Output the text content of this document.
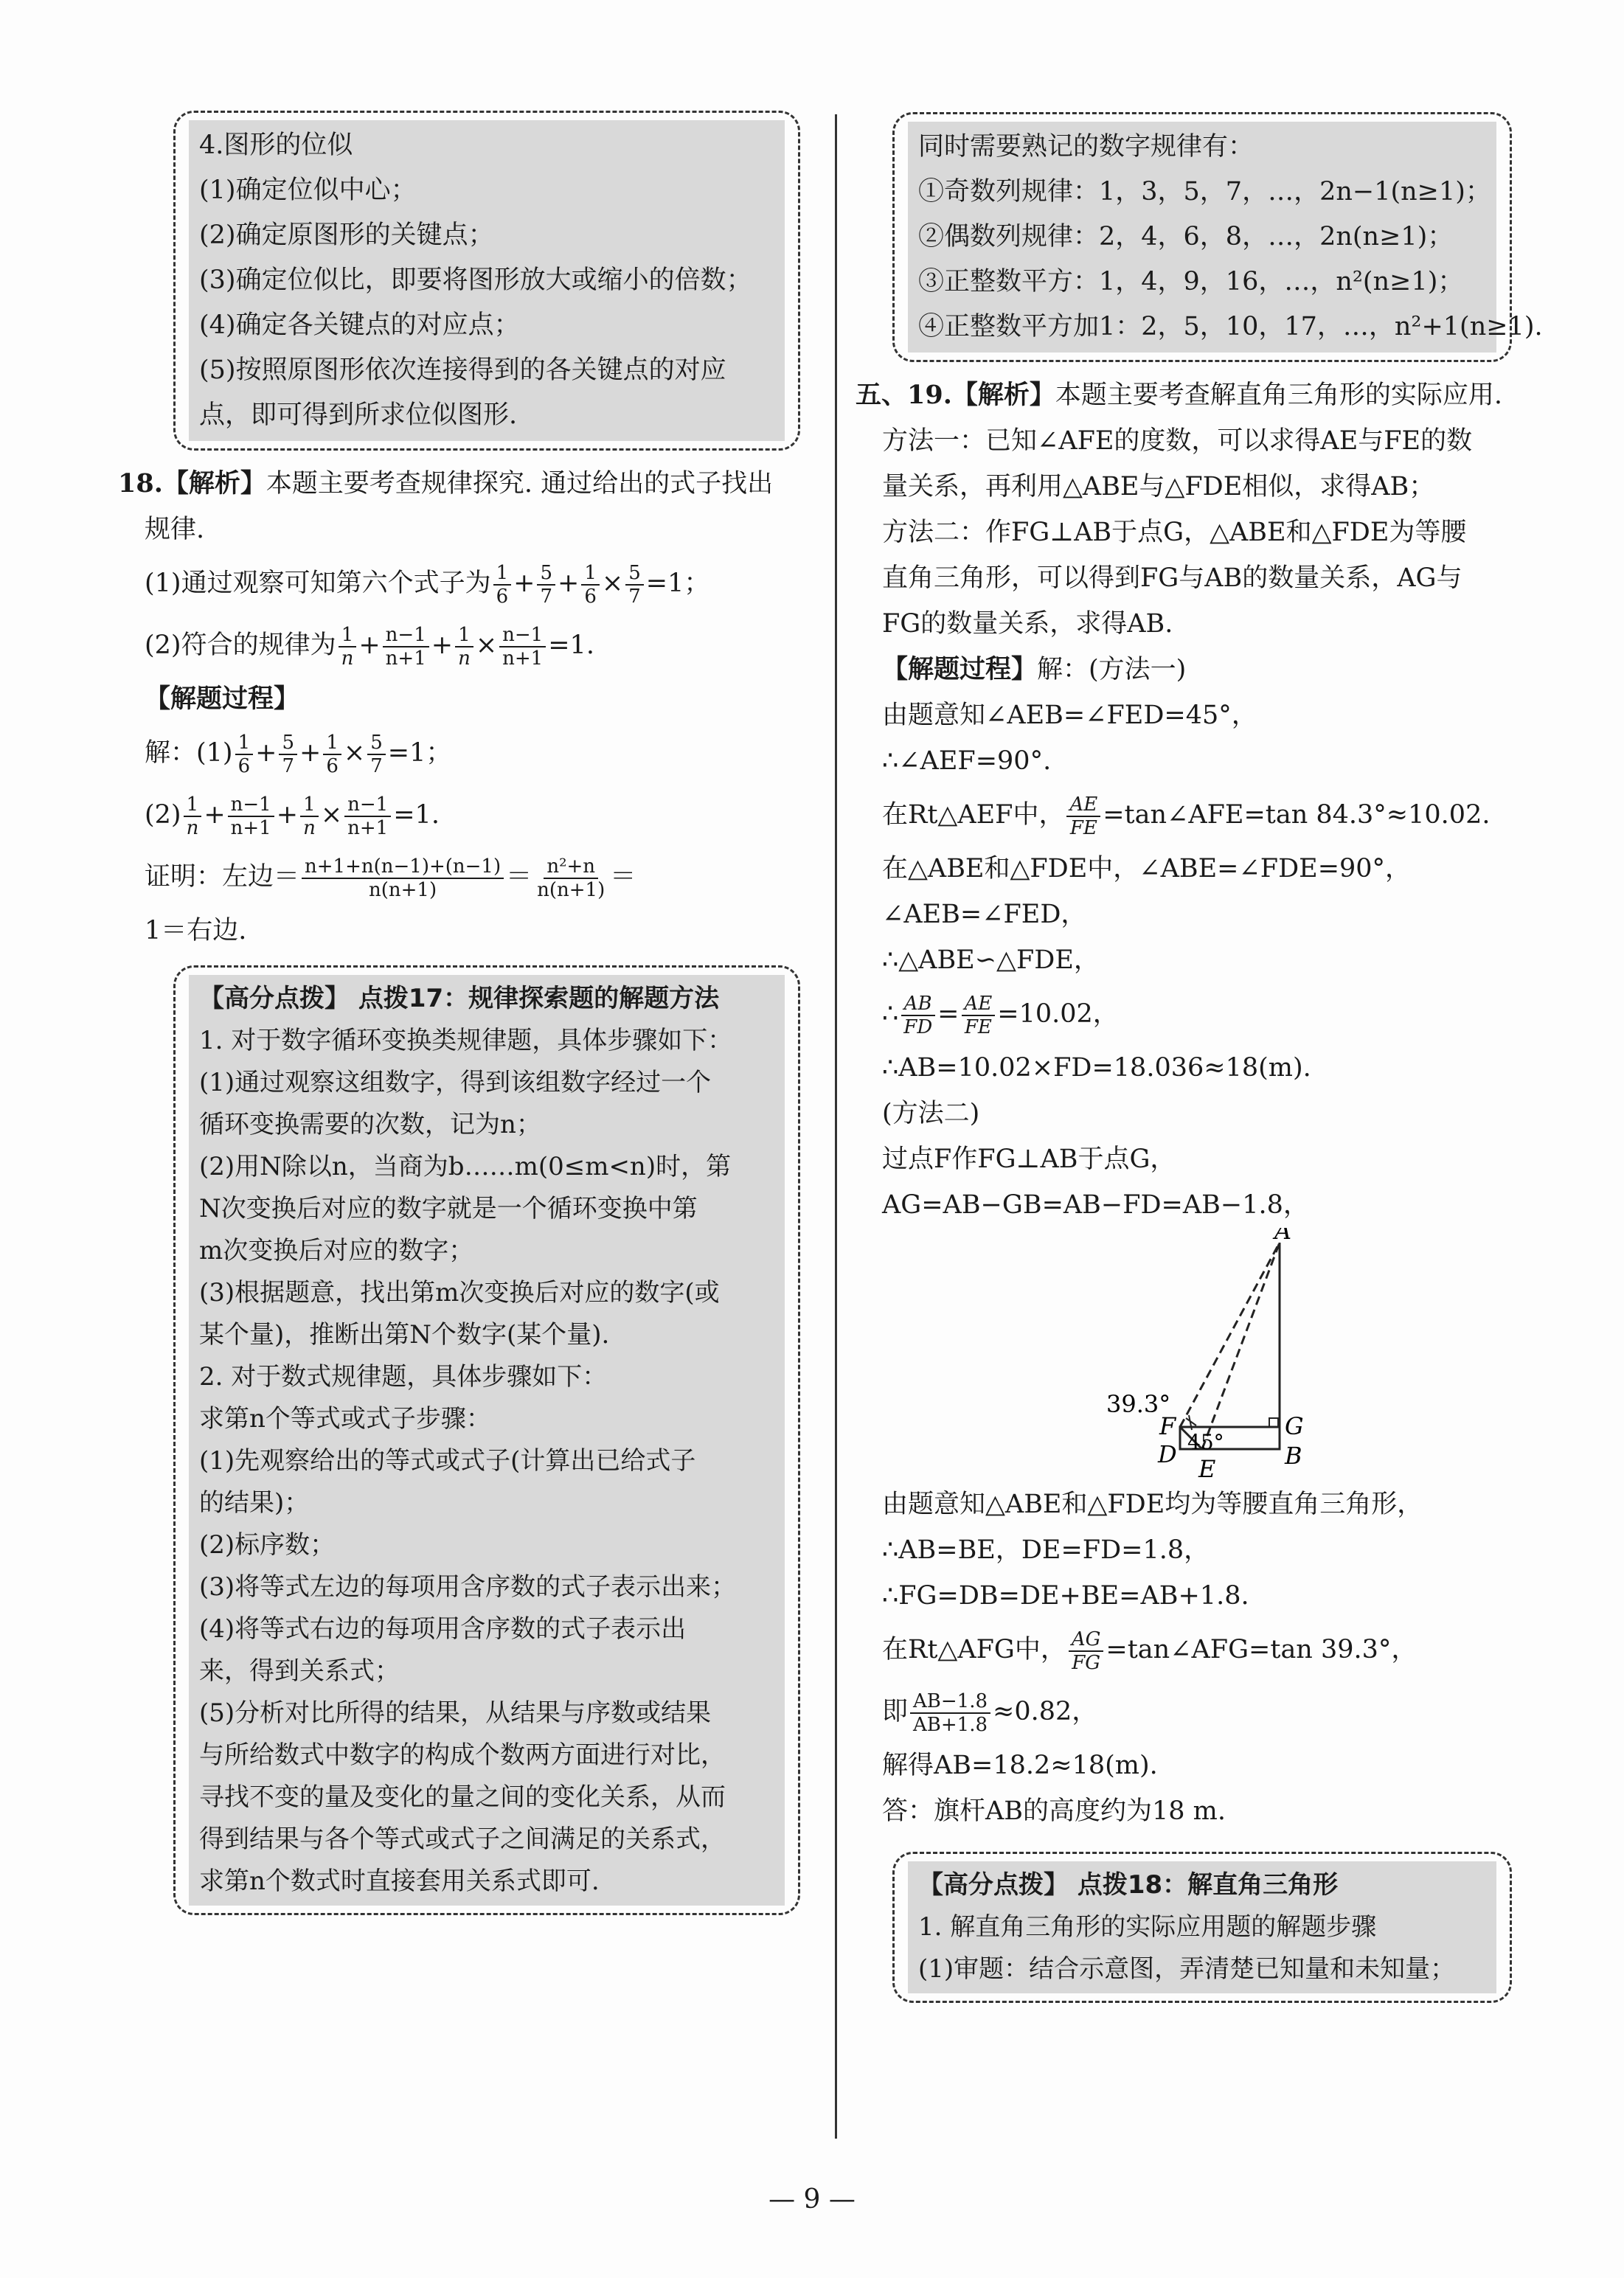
4.图形的位似
(1)确定位似中心；
(2)确定原图形的关键点；
(3)确定位似比，即要将图形放大或缩小的倍数；
(4)确定各关键点的对应点；
(5)按照原图形依次连接得到的各关键点的对应
点，即可得到所求位似图形.
18.【解析】本题主要考查规律探究. 通过给出的式子找出
规律.
(1)通过观察可知第六个式子为 $\frac{1}{6} + \frac{5}{7} + \frac{1}{6} \times \frac{5}{7} =1$；
(2)符合的规律为 $\frac{1}{n} + \frac{n-1}{n+1} + \frac{1}{n} \times \frac{n-1}{n+1} =1$.
【解题过程】
解：$(1) \frac{1}{6} + \frac{5}{7} + \frac{1}{6} \times \frac{5}{7} =1$；
$(2) \frac{1}{n} + \frac{n-1}{n+1} + \frac{1}{n} \times \frac{n-1}{n+1} =1$.
证明：左边＝ $\frac{n+1+n(n-1)+(n-1)}{n(n+1)} = \frac{\text{n²+n}}{n(n+1)}$ ＝
1＝右边.
【高分点拨】 点拨17：规律探索题的解题方法
1. 对于数字循环变换类规律题，具体步骤如下：
(1)通过观察这组数字，得到该组数字经过一个
循环变换需要的次数，记为n；
(2)用N除以n，当商为b……m(0≤m<n)时，第
N次变换后对应的数字就是一个循环变换中第
m次变换后对应的数字；
(3)根据题意，找出第m次变换后对应的数字(或
某个量)，推断出第N个数字(某个量).
2. 对于数式规律题，具体步骤如下：
求第n个等式或式子步骤：
(1)先观察给出的等式或式子(计算出已给式子
的结果)；
(2)标序数；
(3)将等式左边的每项用含序数的式子表示出来；
(4)将等式右边的每项用含序数的式子表示出
来，得到关系式；
(5)分析对比所得的结果，从结果与序数或结果
与所给数式中数字的构成个数两方面进行对比，
寻找不变的量及变化的量之间的变化关系，从而
得到结果与各个等式或式子之间满足的关系式，
求第n个数式时直接套用关系式即可.
同时需要熟记的数字规律有：
①奇数列规律：1，3，5，7，…，2n−1(n≥1)；
②偶数列规律：2，4，6，8，…，2n(n≥1)；
③正整数平方：1，4，9，16，…，n²(n≥1)；
④正整数平方加1：2，5，10，17，…，n²+1(n≥1).
五、19.【解析】本题主要考查解直角三角形的实际应用.
方法一：已知∠AFE的度数，可以求得AE与FE的数
量关系，再利用△ABE与△FDE相似，求得AB；
方法二：作FG⊥AB于点G，△ABE和△FDE为等腰
直角三角形，可以得到FG与AB的数量关系，AG与
FG的数量关系，求得AB.
【解题过程】解：(方法一)
由题意知∠AEB=∠FED=45°，
∴∠AEF=90°.
在Rt△AEF中， $\frac{AE}{FE}$ =tan∠AFE=tan 84.3°≈10.02.
在△ABE和△FDE中，∠ABE=∠FDE=90°，
∠AEB=∠FED，
∴△ABE∽△FDE，
∴ $\frac{AB}{FD} = \frac{AE}{FE} =10.02$，
∴AB=10.02×FD=18.036≈18(m).
(方法二)
过点F作FG⊥AB于点G，
AG=AB−GB=AB−FD=AB−1.8，
39.3°
45°
A
B
D
E
F	G
由题意知△ABE和△FDE均为等腰直角三角形，
∴AB=BE，DE=FD=1.8，
∴FG=DB=DE+BE=AB+1.8.
在Rt△AFG中， $\frac{AG}{FG}$ =tan∠AFG=tan 39.3°，
即 $\frac{AB-1.8}{AB+1.8} \approx 0.82$，
解得AB=18.2≈18(m).
答：旗杆AB的高度约为18 m.
【高分点拨】 点拨18：解直角三角形
1. 解直角三角形的实际应用题的解题步骤
(1)审题：结合示意图，弄清楚已知量和未知量；
— 9 —
